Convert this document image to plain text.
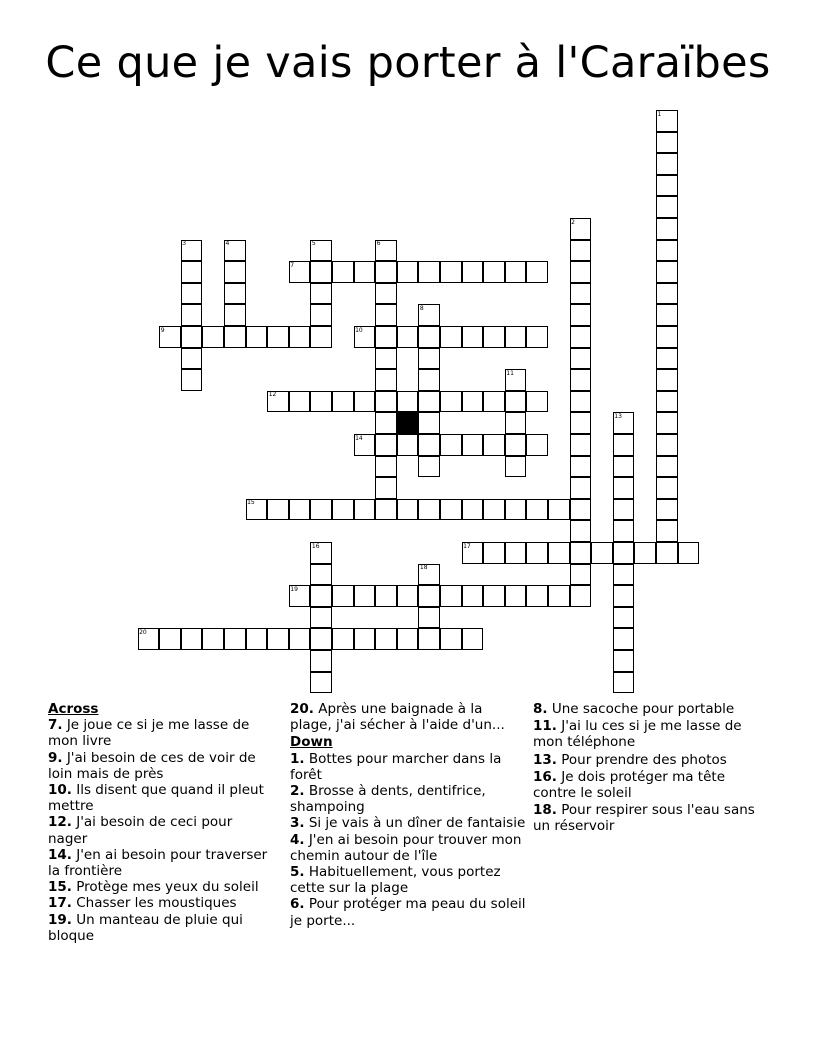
Ce que je vais porter à l'Caraïbes
7
9	10
12
14
15
17
19
20
1
2
3	4	5	6
8
11
13
16
18
Across
7. Je joue ce si je me lasse de mon livre
9. J'ai besoin de ces de voir de loin mais de près
10. Ils disent que quand il pleut mettre
12. J'ai besoin de ceci pour nager
14. J'en ai besoin pour traverser la frontière
15. Protège mes yeux du soleil
17. Chasser les moustiques
19. Un manteau de pluie qui bloque
20. Après une baignade à la plage, j'ai sécher à l'aide d'un...
Down
1. Bottes pour marcher dans la forêt
2. Brosse à dents, dentifrice, shampoing
3. Si je vais à un dîner de fantaisie
4. J'en ai besoin pour trouver mon chemin autour de l'île
5. Habituellement, vous portez cette sur la plage
6. Pour protéger ma peau du soleil je porte...
8. Une sacoche pour portable
11. J'ai lu ces si je me lasse de mon téléphone
13. Pour prendre des photos
16. Je dois protéger ma tête contre le soleil
18. Pour respirer sous l'eau sans un réservoir
